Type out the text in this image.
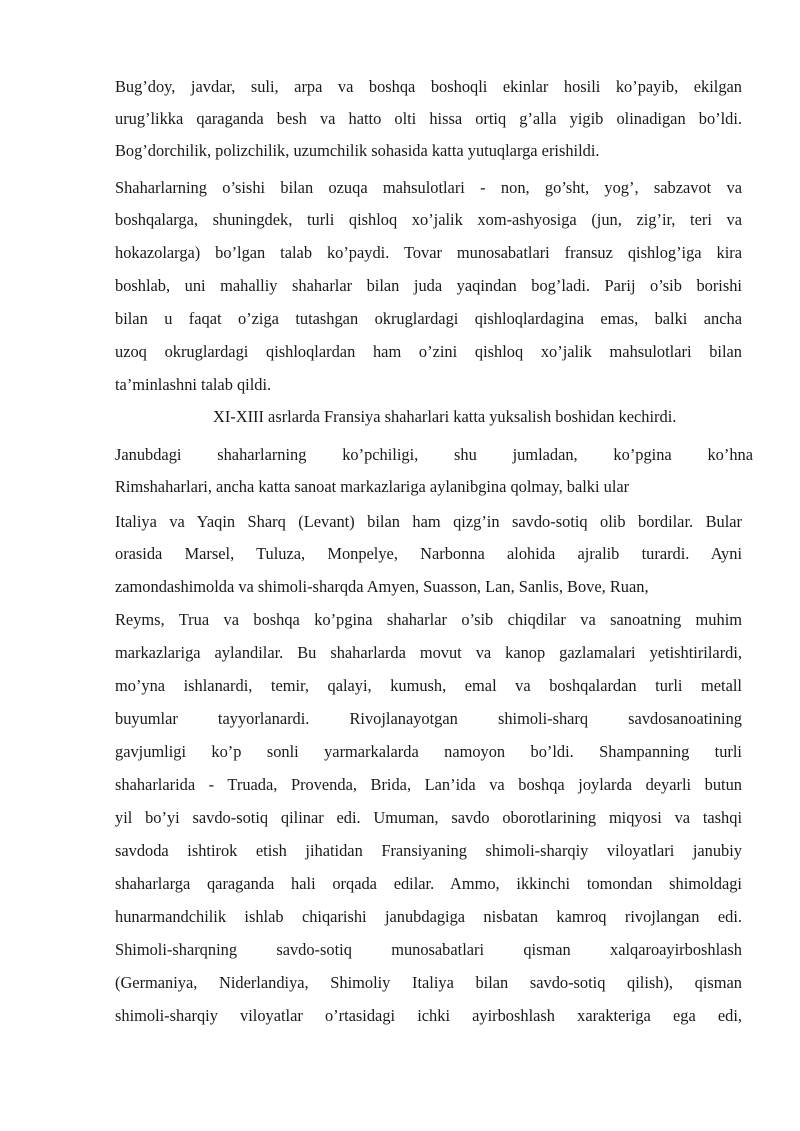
Bug’doy, javdar, suli, arpa va boshqa boshoqli ekinlar hosili ko’payib, ekilgan
urug’likka qaraganda besh va hatto olti hissa ortiq g’alla yigib olinadigan bo’ldi.
Bog’dorchilik, polizchilik, uzumchilik sohasida katta yutuqlarga erishildi.
Shaharlarning o’sishi bilan ozuqa mahsulotlari - non, go’sht, yog’, sabzavot va
boshqalarga, shuningdek, turli qishloq xo’jalik xom-ashyosiga (jun, zig’ir, teri va
hokazolarga) bo’lgan talab ko’paydi. Tovar munosabatlari fransuz qishlog’iga kira
boshlab, uni mahalliy shaharlar bilan juda yaqindan bog’ladi. Parij o’sib borishi
bilan u faqat o’ziga tutashgan okruglardagi qishloqlardagina emas, balki ancha
uzoq okruglardagi qishloqlardan ham o’zini qishloq xo’jalik mahsulotlari bilan
ta’minlashni talab qildi.
XI-XIII asrlarda Fransiya shaharlari katta yuksalish boshidan kechirdi.
Janubdagi shaharlarning ko’pchiligi, shu jumladan, ko’pgina ko’hna
Rimshaharlari, ancha katta sanoat markazlariga aylanibgina qolmay, balki ular
Italiya va Yaqin Sharq (Levant) bilan ham qizg’in savdo-sotiq olib bordilar. Bular
orasida Marsel, Tuluza, Monpelye, Narbonna alohida ajralib turardi. Ayni
zamondashimolda va shimoli-sharqda Amyen, Suasson, Lan, Sanlis, Bove, Ruan,
Reyms, Trua va boshqa ko’pgina shaharlar o’sib chiqdilar va sanoatning muhim
markazlariga aylandilar. Bu shaharlarda movut va kanop gazlamalari yetishtirilardi,
mo’yna ishlanardi, temir, qalayi, kumush, emal va boshqalardan turli metall
buyumlar tayyorlanardi. Rivojlanayotgan shimoli-sharq savdosanoatining
gavjumligi ko’p sonli yarmarkalarda namoyon bo’ldi. Shampanning turli
shaharlarida - Truada, Provenda, Brida, Lan’ida va boshqa joylarda deyarli butun
yil bo’yi savdo-sotiq qilinar edi. Umuman, savdo oborotlarining miqyosi va tashqi
savdoda ishtirok etish jihatidan Fransiyaning shimoli-sharqiy viloyatlari janubiy
shaharlarga qaraganda hali orqada edilar. Ammo, ikkinchi tomondan shimoldagi
hunarmandchilik ishlab chiqarishi janubdagiga nisbatan kamroq rivojlangan edi.
Shimoli-sharqning savdo-sotiq munosabatlari qisman xalqaroayirboshlash
(Germaniya, Niderlandiya, Shimoliy Italiya bilan savdo-sotiq qilish), qisman
shimoli-sharqiy viloyatlar o’rtasidagi ichki ayirboshlash xarakteriga ega edi,
